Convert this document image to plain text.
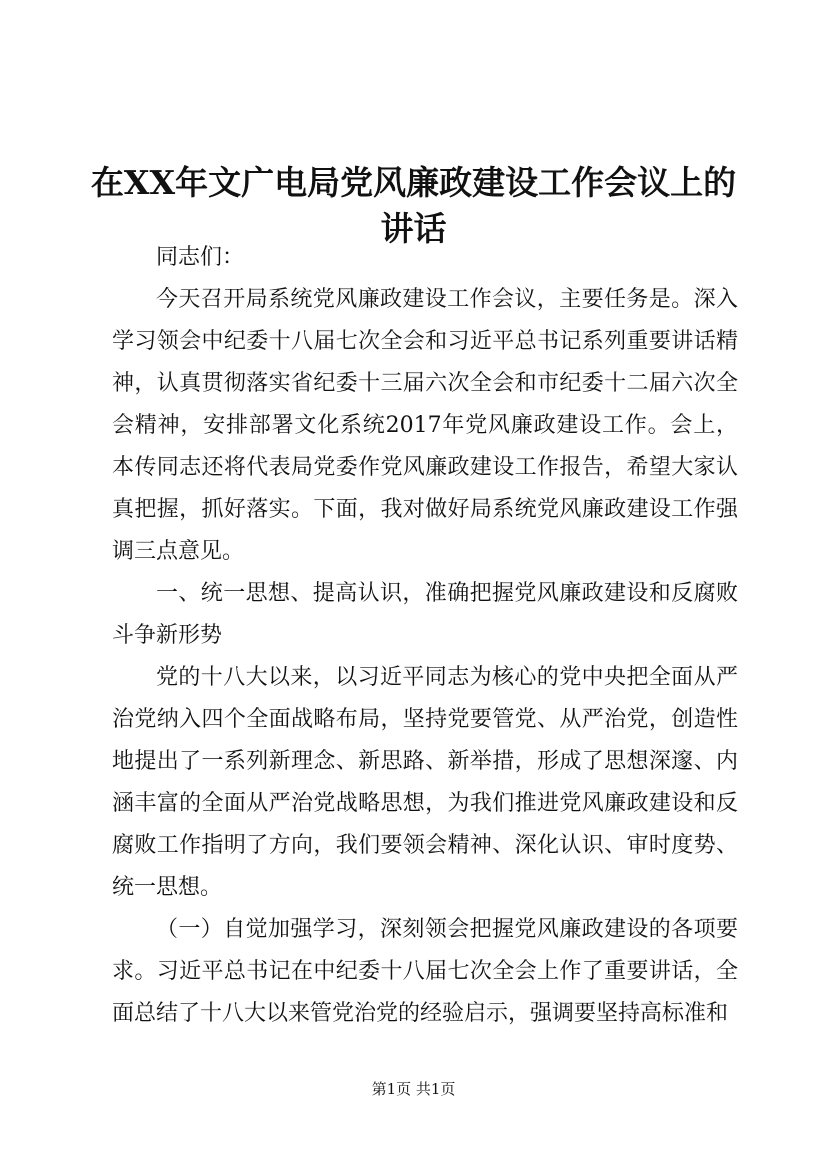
在XX年文广电局党风廉政建设工作会议上的讲话

同志们：

今天召开局系统党风廉政建设工作会议，主要任务是。深入学习领会中纪委十八届七次全会和习近平总书记系列重要讲话精神，认真贯彻落实省纪委十三届六次全会和市纪委十二届六次全会精神，安排部署文化系统2017年党风廉政建设工作。会上，本传同志还将代表局党委作党风廉政建设工作报告，希望大家认真把握，抓好落实。下面，我对做好局系统党风廉政建设工作强调三点意见。

一、统一思想、提高认识，准确把握党风廉政建设和反腐败斗争新形势

党的十八大以来，以习近平同志为核心的党中央把全面从严治党纳入四个全面战略布局，坚持党要管党、从严治党，创造性地提出了一系列新理念、新思路、新举措，形成了思想深邃、内涵丰富的全面从严治党战略思想，为我们推进党风廉政建设和反腐败工作指明了方向，我们要领会精神、深化认识、审时度势、统一思想。

（一）自觉加强学习，深刻领会把握党风廉政建设的各项要求。习近平总书记在中纪委十八届七次全会上作了重要讲话，全面总结了十八大以来管党治党的经验启示，强调要坚持高标准和

第1页 共1页
